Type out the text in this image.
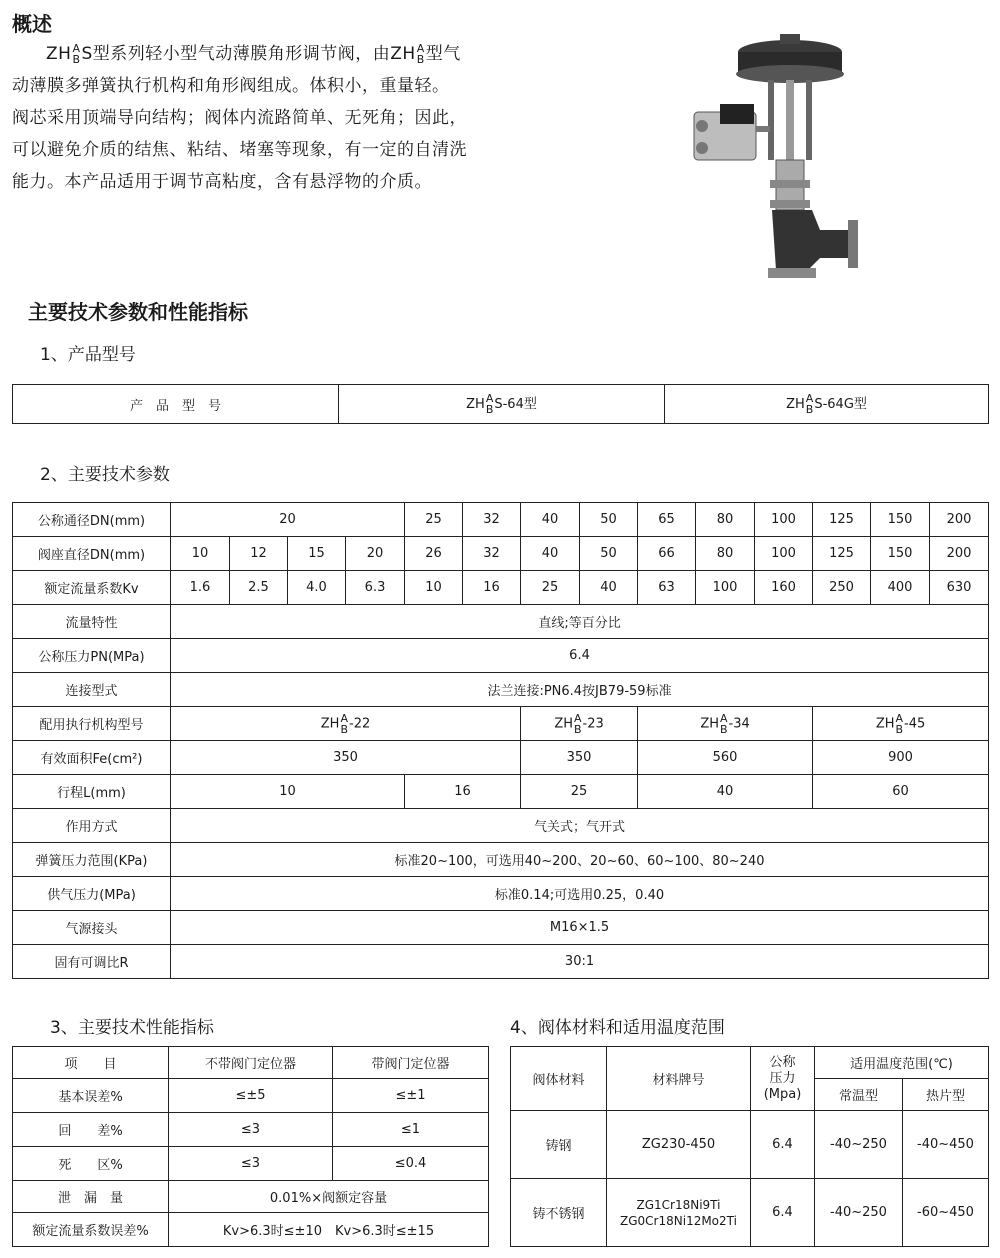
概述
ZH A
B S型系列轻小型气动薄膜角形调节阀，由ZH A
B 型气
动薄膜多弹簧执行机构和角形阀组成。体积小，重量轻。
阀芯采用顶端导向结构；阀体内流路简单、无死角；因此，
可以避免介质的结焦、粘结、堵塞等现象，有一定的自清洗
能力。本产品适用于调节高粘度，含有悬浮物的介质。
主要技术参数和性能指标
1、产品型号
产　品　型　号	ZH A
B S-64型	ZH A
B S-64G型
2、主要技术参数
公称通径DN(mm)	20				25	32	40	50	65	80	100	125	150	200
阀座直径DN(mm)	10	12	15	20	26	32	40	50	66	80	100	125	150	200
额定流量系数Kv	1.6	2.5	4.0	6.3	10	16	25	40	63	100	160	250	400	630
流量特性	直线;等百分比													
公称压力PN(MPa)	6.4													
连接型式	法兰连接:PN6.4按JB79-59标准													
配用执行机构型号	ZH A
B -22						ZH A
B -23		ZH A
B -34			ZH A
B -45		
有效面积Fe(cm²)	350						350		560			900		
行程L(mm)	10				16		25		40			60		
作用方式	气关式；气开式													
弹簧压力范围(KPa)	标准20~100，可选用40~200、20~60、60~100、80~240													
供气压力(MPa)	标准0.14;可选用0.25，0.40													
气源接头	M16×1.5													
固有可调比R	30:1													
3、主要技术性能指标
项　　目	不带阀门定位器	带阀门定位器
基本误差%	≤±5	≤±1
回　　差%	≤3	≤1
死　　区%	≤3	≤0.4
泄　漏　量	0.01%×阀额定容量	
额定流量系数误差%	Kv>6.3时≤±10　Kv>6.3时≤±15	
4、阀体材料和适用温度范围
阀体材料	材料牌号	公称
压力
(Mpa)	适用温度范围(℃)	
			常温型	热片型
铸钢	ZG230-450	6.4	-40~250	-40~450
铸不锈钢	ZG1Cr18Ni9Ti
ZG0Cr18Ni12Mo2Ti	6.4	-40~250	-60~450
